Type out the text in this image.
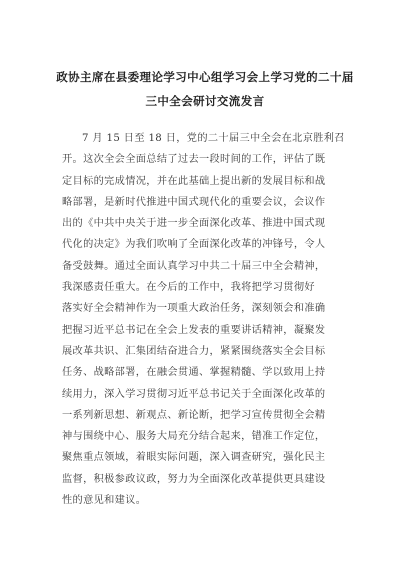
政协主席在县委理论学习中心组学习会上学习党的二十届
三中全会研讨交流发言
7 月 15 日至 18 日，党的二十届三中全会在北京胜利召
开。这次全会全面总结了过去一段时间的工作，评估了既
定目标的完成情况，并在此基础上提出新的发展目标和战
略部署，是新时代推进中国式现代化的重要会议，会议作
出的《中共中央关于进一步全面深化改革、推进中国式现
代化的决定》为我们吹响了全面深化改革的冲锋号，令人
备受鼓舞。通过全面认真学习中共二十届三中全会精神，
我深感责任重大。在今后的工作中，我将把学习贯彻好
落实好全会精神作为一项重大政治任务，深刻领会和准确
把握习近平总书记在全会上发表的重要讲话精神，凝聚发
展改革共识、汇集团结奋进合力，紧紧围绕落实全会目标
任务、战略部署，在融会贯通、掌握精髓、学以致用上持
续用力，深入学习贯彻习近平总书记关于全面深化改革的
一系列新思想、新观点、新论断，把学习宣传贯彻全会精
神与围绕中心、服务大局充分结合起来，错准工作定位，
聚焦重点领域，着眼实际问题，深入调查研究，强化民主
监督，积极参政议政，努力为全面深化改革提供更具建设
性的意见和建议。
